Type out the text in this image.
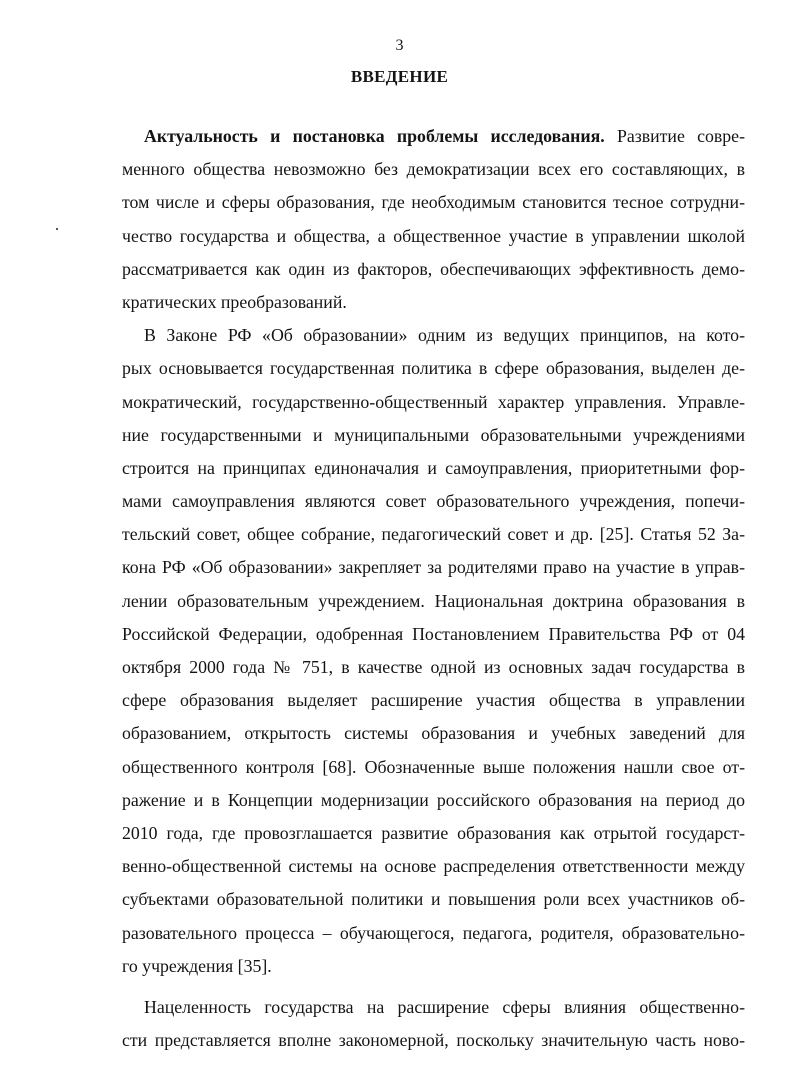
3
ВВЕДЕНИЕ
Актуальность и постановка проблемы исследования. Развитие совре-
менного общества невозможно без демократизации всех его составляющих, в
том числе и сферы образования, где необходимым становится тесное сотрудни-
чество государства и общества, а общественное участие в управлении школой
рассматривается как один из факторов, обеспечивающих эффективность демо-
кратических преобразований.
В Законе РФ «Об образовании» одним из ведущих принципов, на кото-
рых основывается государственная политика в сфере образования, выделен де-
мократический, государственно-общественный характер управления. Управле-
ние государственными и муниципальными образовательными учреждениями
строится на принципах единоначалия и самоуправления, приоритетными фор-
мами самоуправления являются совет образовательного учреждения, попечи-
тельский совет, общее собрание, педагогический совет и др. [25]. Статья 52 За-
кона РФ «Об образовании» закрепляет за родителями право на участие в управ-
лении образовательным учреждением. Национальная доктрина образования в
Российской Федерации, одобренная Постановлением Правительства РФ от 04
октября 2000 года № 751, в качестве одной из основных задач государства в
сфере образования выделяет расширение участия общества в управлении
образованием, открытость системы образования и учебных заведений для
общественного контроля [68]. Обозначенные выше положения нашли свое от-
ражение и в Концепции модернизации российского образования на период до
2010 года, где провозглашается развитие образования как отрытой государст-
венно-общественной системы на основе распределения ответственности между
субъектами образовательной политики и повышения роли всех участников об-
разовательного процесса – обучающегося, педагога, родителя, образовательно-
го учреждения [35].
Нацеленность государства на расширение сферы влияния общественно-
сти представляется вполне закономерной, поскольку значительную часть ново-
